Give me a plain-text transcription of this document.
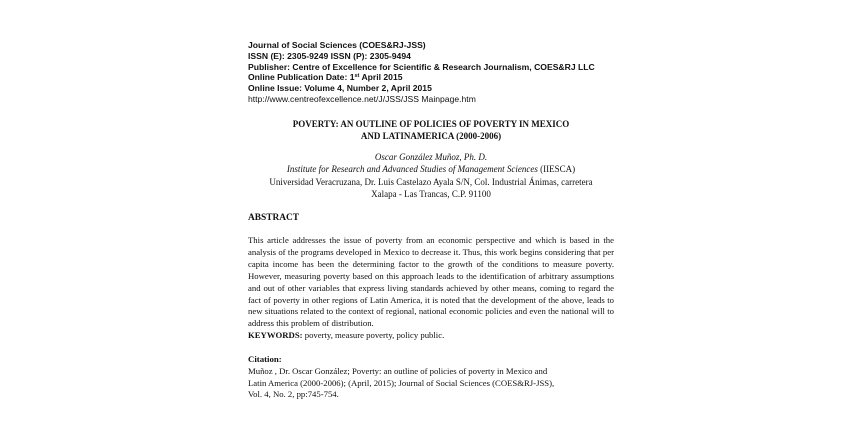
Journal of Social Sciences (COES&RJ-JSS)
ISSN (E): 2305-9249 ISSN (P): 2305-9494
Publisher: Centre of Excellence for Scientific & Research Journalism, COES&RJ LLC
Online Publication Date: 1st April 2015
Online Issue: Volume 4, Number 2, April 2015
http://www.centreofexcellence.net/J/JSS/JSS Mainpage.htm
POVERTY: AN OUTLINE OF POLICIES OF POVERTY IN MEXICO
AND LATINAMERICA (2000-2006)
Oscar González Muñoz, Ph. D.
Institute for Research and Advanced Studies of Management Sciences (IIESCA)
Universidad Veracruzana, Dr. Luis Castelazo Ayala S/N, Col. Industrial Ánimas, carretera
Xalapa - Las Trancas, C.P. 91100
ABSTRACT
This article addresses the issue of poverty from an economic perspective and which is based in the analysis of the programs developed in Mexico to decrease it. Thus, this work begins considering that per capita income has been the determining factor to the growth of the conditions to measure poverty. However, measuring poverty based on this approach leads to the identification of arbitrary assumptions and out of other variables that express living standards achieved by other means, coming to regard the fact of poverty in other regions of Latin America, it is noted that the development of the above, leads to new situations related to the context of regional, national economic policies and even the national will to address this problem of distribution.
KEYWORDS: poverty, measure poverty, policy public.
Citation:
Muñoz , Dr. Oscar González; Poverty: an outline of policies of poverty in Mexico and
Latin America (2000-2006); (April, 2015); Journal of Social Sciences (COES&RJ-JSS),
Vol. 4, No. 2, pp:745-754.
